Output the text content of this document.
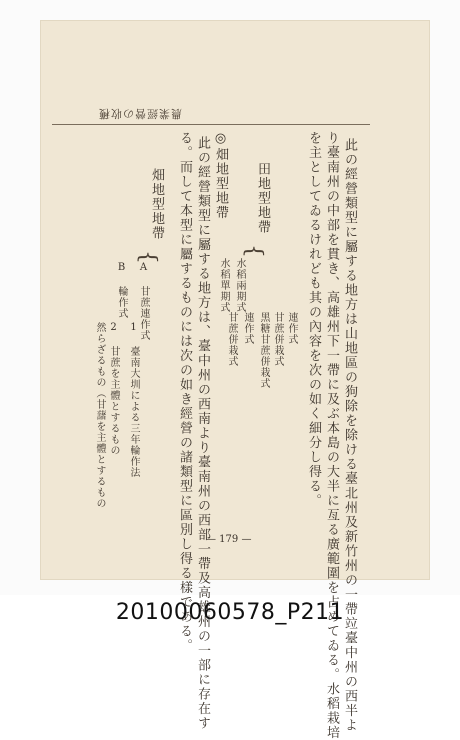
農業經營の收穫
此の經營類型に屬する地方は山地區の狗除を除ける臺北州及新竹州の一帶竝臺中州の西半よ
り臺南州の中部を貫き、高雄州下一帶に及ぶ本島の大半に亙る廣範圍を占めてゐる。水稻栽培
を主としてゐるけれども其の內容を次の如く細分し得る。
田地型地帶
{
水稻兩期式
水稻單期式
連作式
甘蔗併栽式
黑糖甘蔗併栽式
連作式
甘蔗併栽式
◎畑地型地帶
此の經營類型に屬する地方は、臺中州の西南より臺南州の西部一帶及高雄州の一部に存在す
る。而して本型に屬するものには次の如き經營の諸類型に區別し得る樣である。
畑地型地帶
{
A 甘蔗連作式
B 輪作式
1 臺南大圳による三年輪作法
2 甘蔗を主體とするもの
然らざるもの（甘藷を主體とするもの
— 179 —
20100060578_P211
